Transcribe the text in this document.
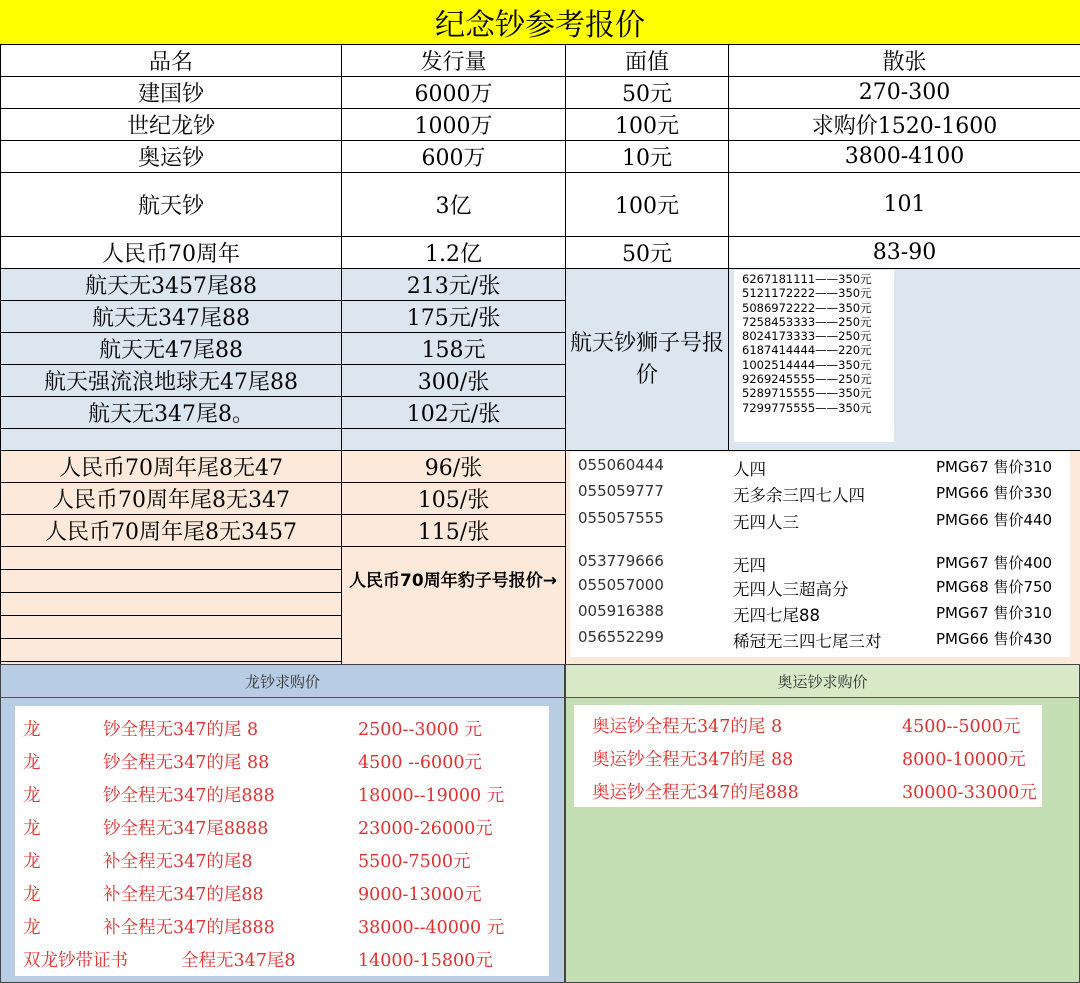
纪念钞参考报价
品名	发行量	面值	散张
建国钞	6000万	50元	270-300
世纪龙钞	1000万	100元	求购价1520-1600
奥运钞	600万	10元	3800-4100
航天钞	3亿	100元	101
人民币70周年	1.2亿	50元	83-90
航天无3457尾88	213元/张	航天钞狮子号报价	
航天无347尾88	175元/张		
航天无47尾88	158元		
航天强流浪地球无47尾88	300/张		
航天无347尾8。	102元/张		

人民币70周年尾8无47	96/张		
人民币70周年尾8无347	105/张		
人民币70周年尾8无3457	115/张		

6267181111——350元
5121172222——350元
5086972222——350元
7258453333——250元
8024173333——250元
6187414444——220元
1002514444——350元
9269245555——250元
5289715555——350元
7299775555——350元
人民币70周年豹子号报价→
055060444	人四	PMG67 售价310
055059777	无多余三四七人四	PMG66 售价330
055057555	无四人三	PMG66 售价440
053779666	无四	PMG67 售价400
055057000	无四人三超高分	PMG68 售价750
005916388	无四七尾88	PMG67 售价310
056552299	稀冠无三四七尾三对	PMG66 售价430
龙钞求购价
龙	钞全程无347的尾 8	2500--3000 元
龙	钞全程无347的尾 88	4500 --6000元
龙	钞全程无347的尾888	18000--19000 元
龙	钞全程无347尾8888	23000-26000元
龙	补全程无347的尾8	5500-7500元
龙	补全程无347的尾88	9000-13000元
龙	补全程无347的尾888	38000--40000 元
双龙钞带证书	全程无347尾8	14000-15800元
奥运钞求购价
奥运钞全程无347的尾 8	4500--5000元
奥运钞全程无347的尾 88	8000-10000元
奥运钞全程无347的尾888	30000-33000元
